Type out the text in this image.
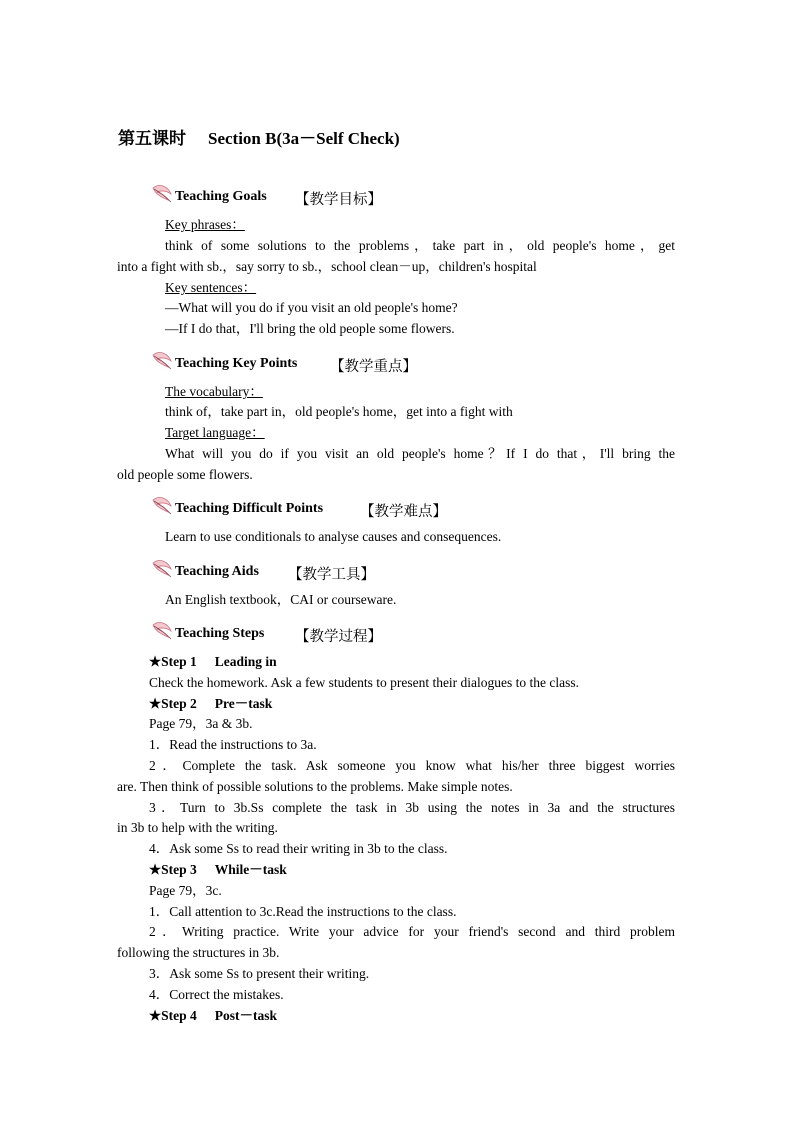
第五课时 Section B(3a－Self Check)
Teaching Goals 【教学目标】
Key phrases：
think of some solutions to the problems，take part in，old people's home，get
into a fight with sb.，say sorry to sb.，school clean－up，children's hospital
Key sentences：
—What will you do if you visit an old people's home?
—If I do that，I'll bring the old people some flowers.
Teaching Key Points 【教学重点】
The vocabulary：
think of，take part in，old people's home，get into a fight with
Target language：
What will you do if you visit an old people's home？If I do that，I'll bring the
old people some flowers.
Teaching Difficult Points	【教学难点】
Learn to use conditionals to analyse causes and consequences.
Teaching Aids 【教学工具】
An English textbook，CAI or courseware.
Teaching Steps 【教学过程】
★Step 1 Leading in
Check the homework. Ask a few students to present their dialogues to the class.
★Step 2 Pre－task
Page 79，3a & 3b.
1．Read the instructions to 3a.
2．Complete the task. Ask someone you know what his/her three biggest worries
are. Then think of possible solutions to the problems. Make simple notes.
3．Turn to 3b.Ss complete the task in 3b using the notes in 3a and the structures
in 3b to help with the writing.
4．Ask some Ss to read their writing in 3b to the class.
★Step 3 While－task
Page 79，3c.
1．Call attention to 3c.Read the instructions to the class.
2．Writing practice. Write your advice for your friend's second and third problem
following the structures in 3b.
3．Ask some Ss to present their writing.
4．Correct the mistakes.
★Step 4 Post－task
